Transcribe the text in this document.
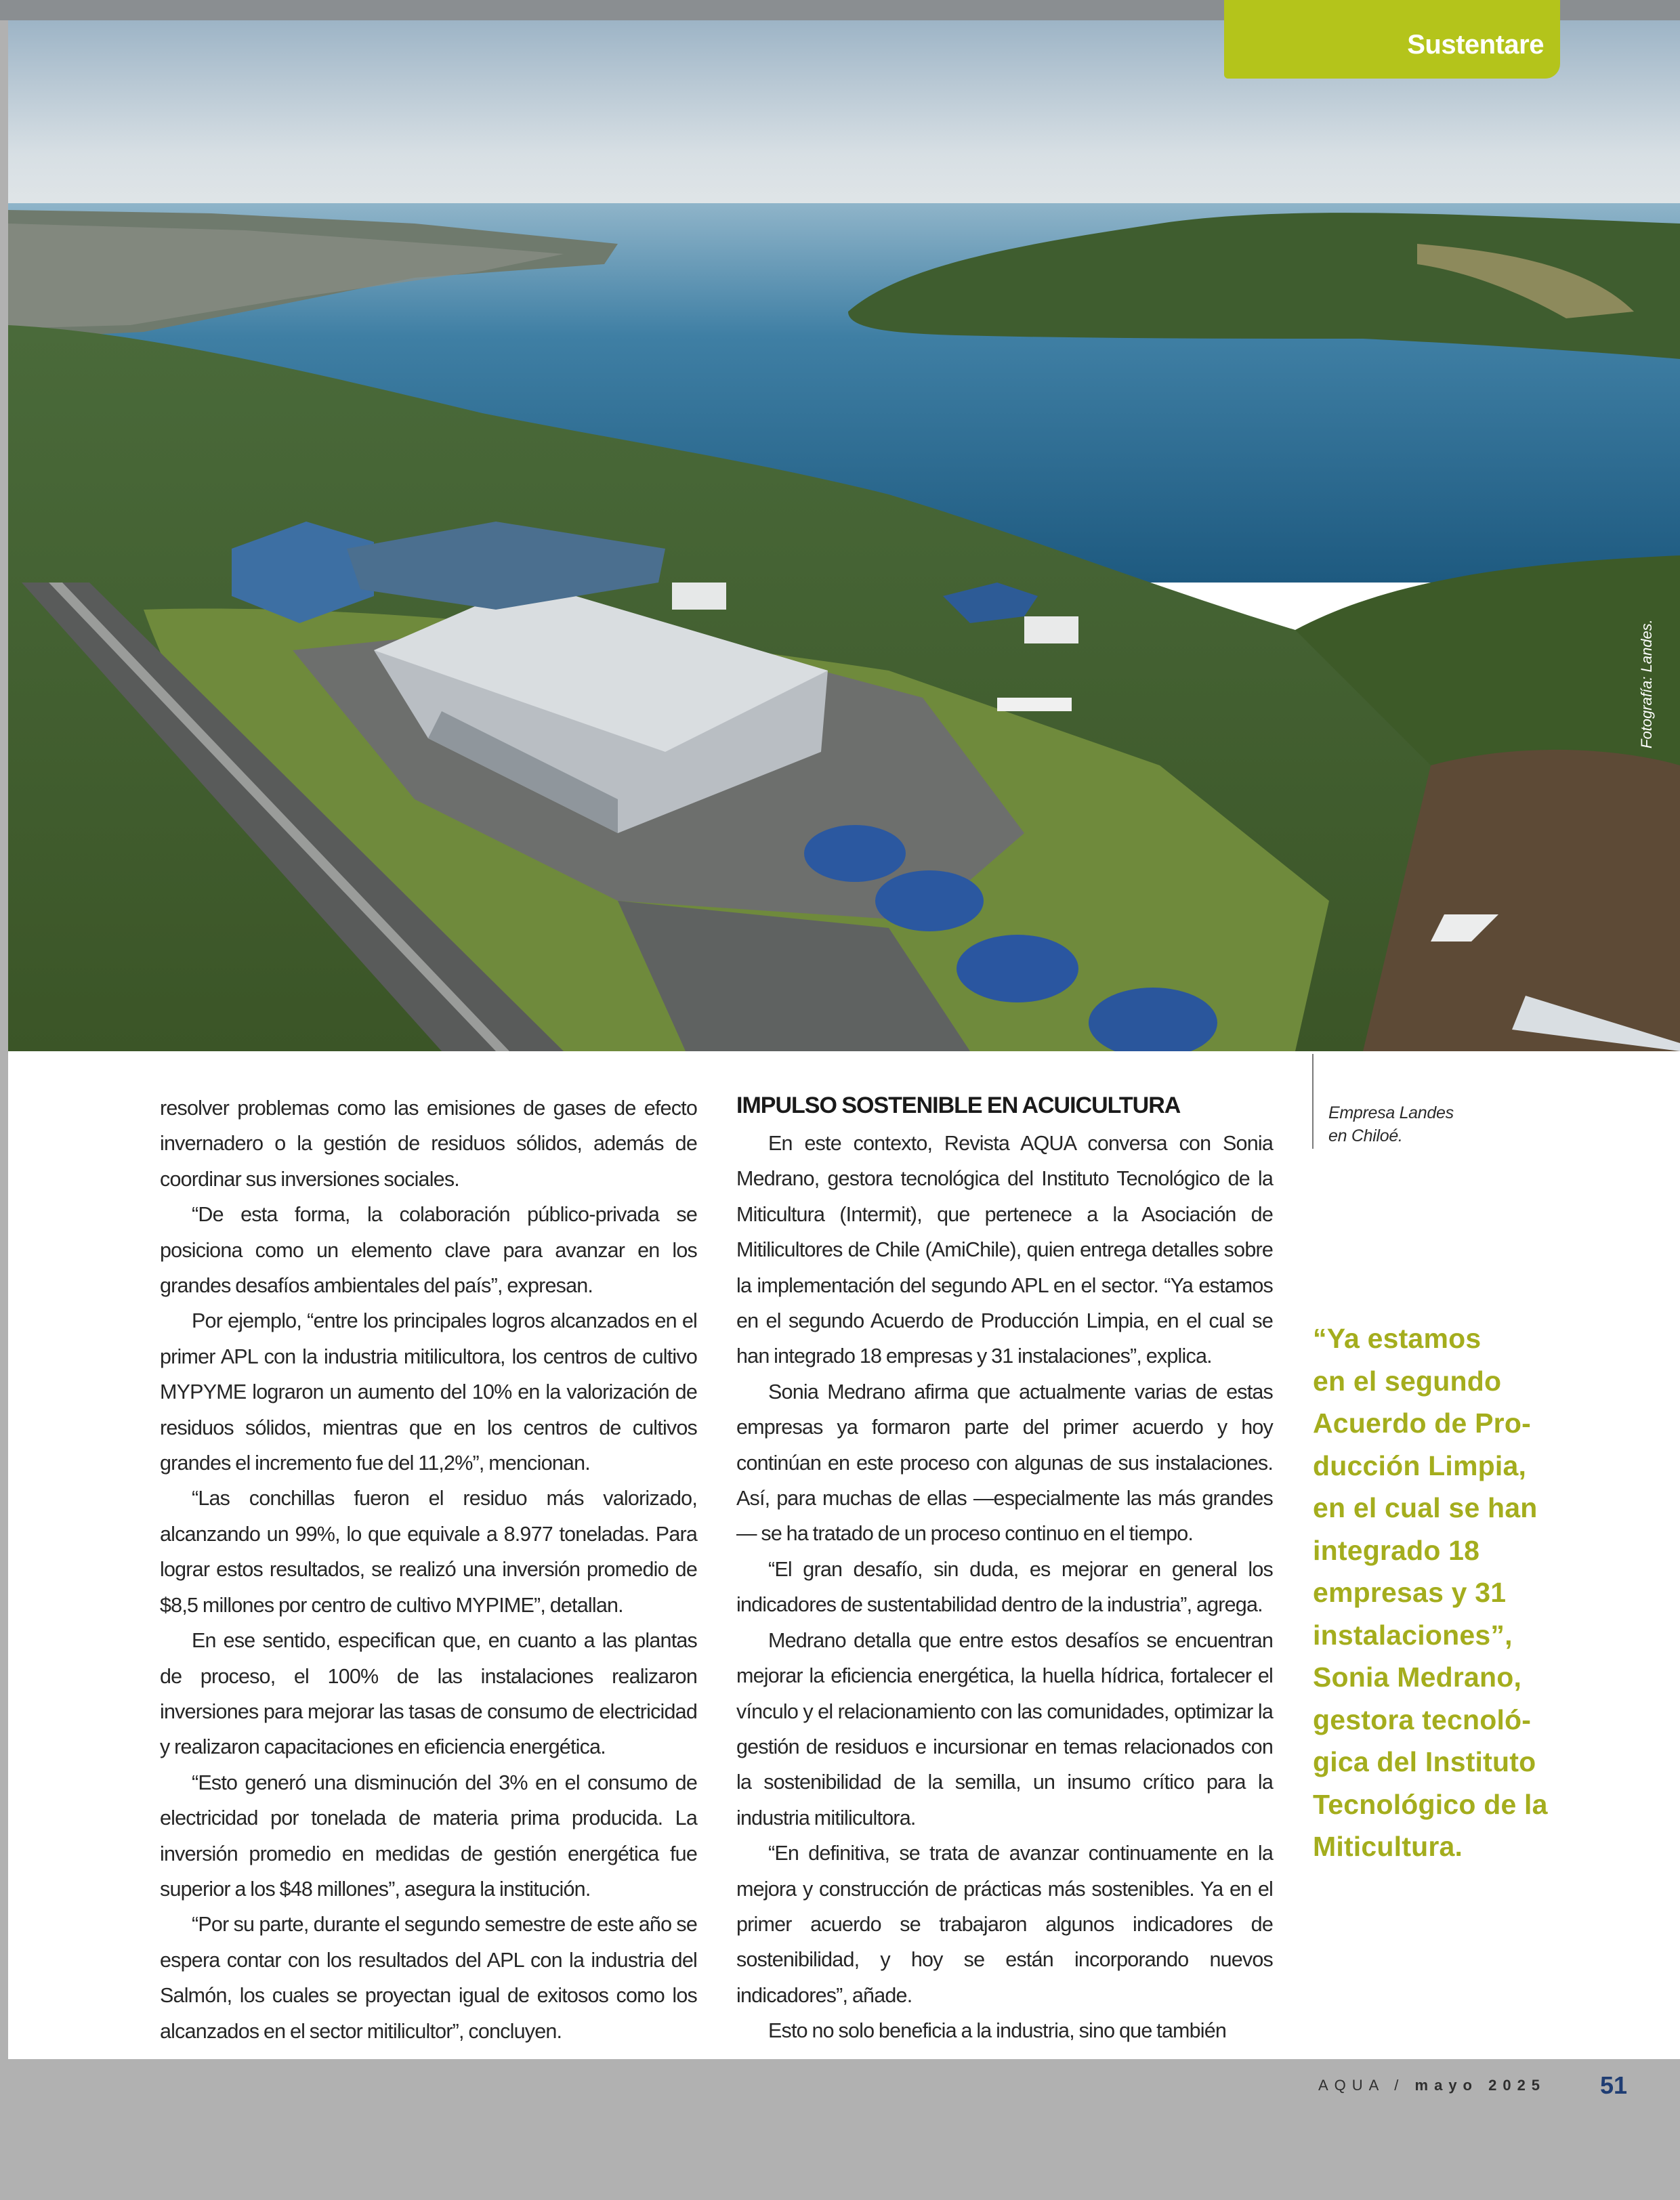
Sustentare
Fotografía: Landes.

resolver problemas como las emisiones de gases de efecto invernadero o la gestión de residuos sólidos, además de coordinar sus inversiones sociales.

“De esta forma, la colaboración público-privada se posiciona como un elemento clave para avanzar en los grandes desafíos ambientales del país”, expresan.

Por ejemplo, “entre los principales logros alcanzados en el primer APL con la industria mitilicultora, los centros de cultivo MYPYME lograron un aumento del 10% en la valorización de residuos sólidos, mientras que en los centros de cultivos grandes el incremento fue del 11,2%”, mencionan.

“Las conchillas fueron el residuo más valorizado, alcanzando un 99%, lo que equivale a 8.977 toneladas. Para lograr estos resultados, se realizó una inversión promedio de $8,5 millones por centro de cultivo MYPIME”, detallan.

En ese sentido, especifican que, en cuanto a las plantas de proceso, el 100% de las instalaciones realizaron inversiones para mejorar las tasas de consumo de electricidad y realizaron capacitaciones en eficiencia energética.

“Esto generó una disminución del 3% en el consumo de electricidad por tonelada de materia prima producida. La inversión promedio en medidas de gestión energética fue superior a los $48 millones”, asegura la institución.

“Por su parte, durante el segundo semestre de este año se espera contar con los resultados del APL con la industria del Salmón, los cuales se proyectan igual de exitosos como los alcanzados en el sector mitilicultor”, concluyen.

IMPULSO SOSTENIBLE EN ACUICULTURA

En este contexto, Revista AQUA conversa con Sonia Medrano, gestora tecnológica del Instituto Tecnológico de la Miticultura (Intermit), que pertenece a la Asociación de Mitilicultores de Chile (AmiChile), quien entrega detalles sobre la implementación del segundo APL en el sector. “Ya estamos en el segundo Acuerdo de Producción Limpia, en el cual se han integrado 18 empresas y 31 instalaciones”, explica.

Sonia Medrano afirma que actualmente varias de estas empresas ya formaron parte del primer acuerdo y hoy continúan en este proceso con algunas de sus instalaciones. Así, para muchas de ellas —especialmente las más grandes— se ha tratado de un proceso continuo en el tiempo.

“El gran desafío, sin duda, es mejorar en general los indicadores de sustentabilidad dentro de la industria”, agrega.

Medrano detalla que entre estos desafíos se encuentran mejorar la eficiencia energética, la huella hídrica, fortalecer el vínculo y el relacionamiento con las comunidades, optimizar la gestión de residuos e incursionar en temas relacionados con la sostenibilidad de la semilla, un insumo crítico para la industria mitilicultora.

“En definitiva, se trata de avanzar continuamente en la mejora y construcción de prácticas más sostenibles. Ya en el primer acuerdo se trabajaron algunos indicadores de sostenibilidad, y hoy se están incorporando nuevos indicadores”, añade.

Esto no solo beneficia a la industria, sino que también

Empresa Landes
en Chiloé.
“Ya estamos
en el segundo
Acuerdo de Pro-
ducción Limpia,
en el cual se han
integrado 18
empresas y 31
instalaciones”,
Sonia Medrano,
gestora tecnoló-
gica del Instituto
Tecnológico de la
Miticultura.
AQUA / mayo 2025 51
